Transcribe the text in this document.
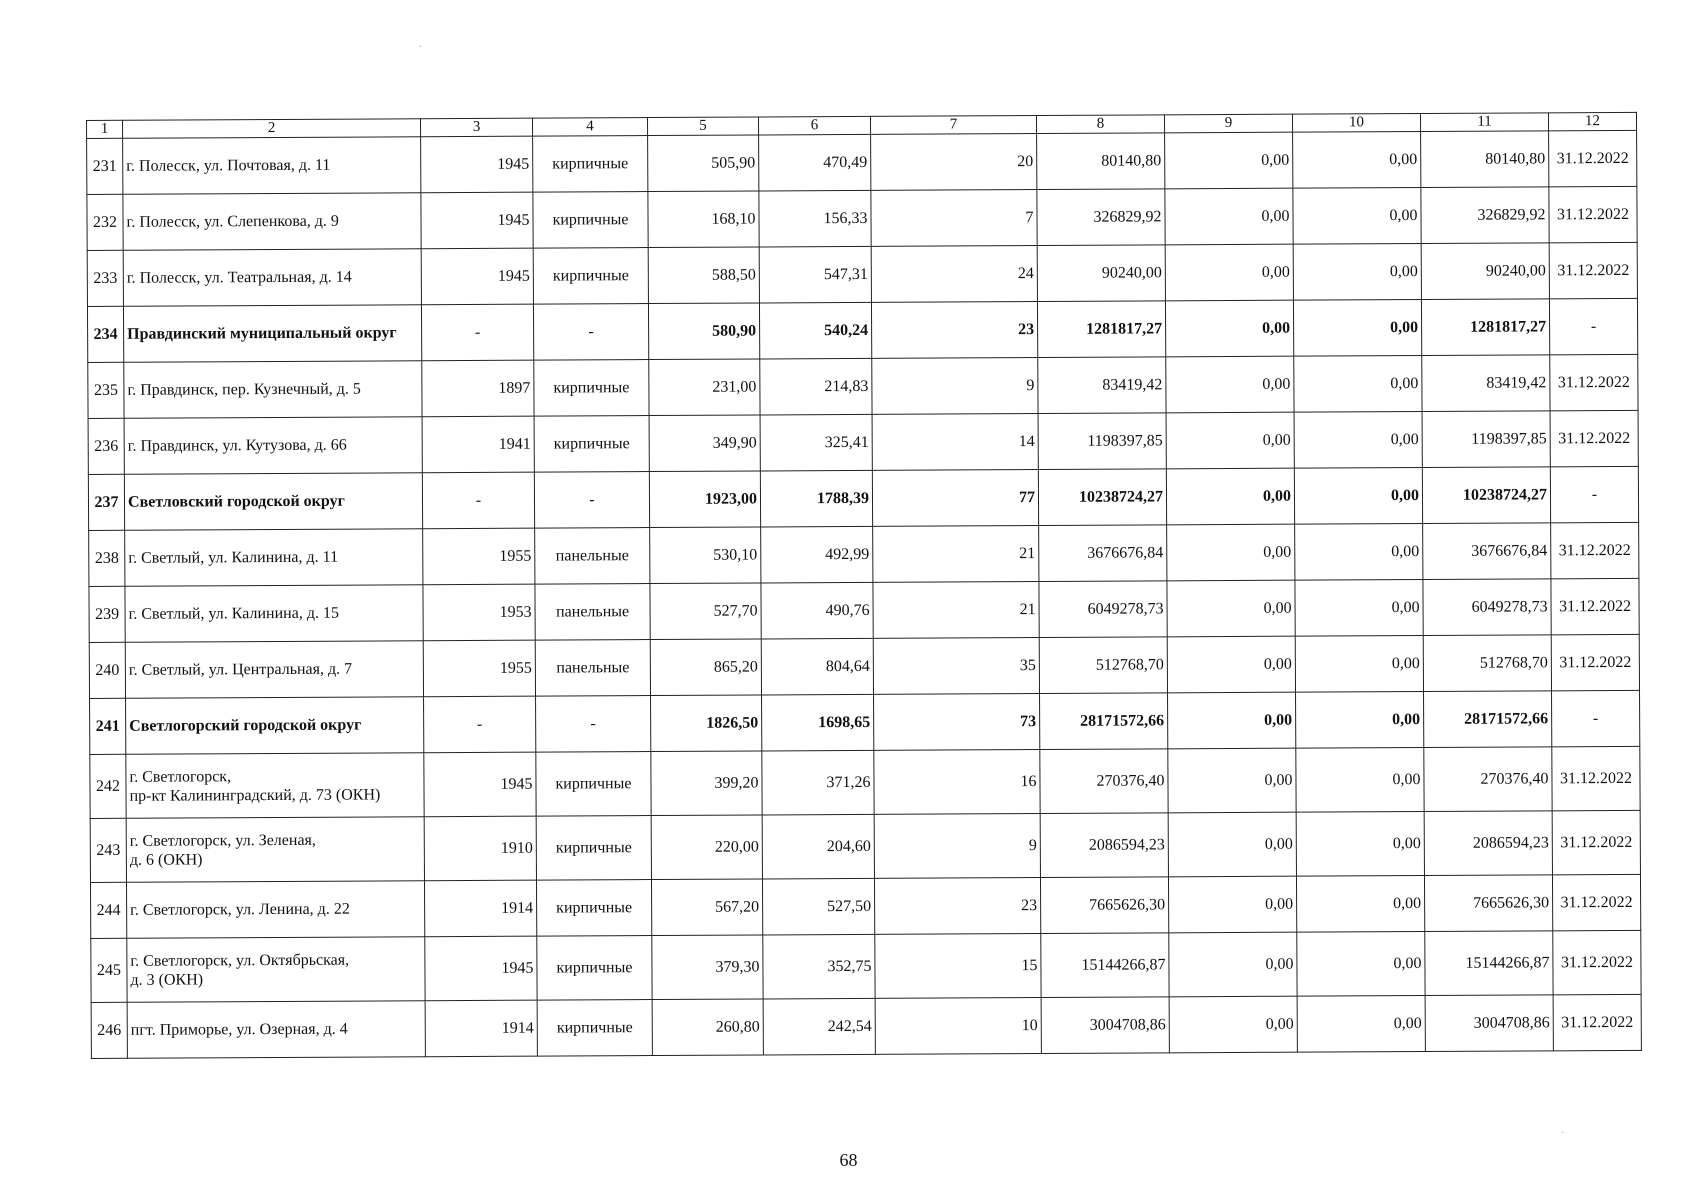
1	2	3	4	5	6	7	8	9	10	11	12
231	г. Полесск, ул. Почтовая, д. 11	1945	кирпичные	505,90	470,49	20	80140,80	0,00	0,00	80140,80	31.12.2022
232	г. Полесск, ул. Слепенкова, д. 9	1945	кирпичные	168,10	156,33	7	326829,92	0,00	0,00	326829,92	31.12.2022
233	г. Полесск, ул. Театральная, д. 14	1945	кирпичные	588,50	547,31	24	90240,00	0,00	0,00	90240,00	31.12.2022
234	Правдинский муниципальный округ	-	-	580,90	540,24	23	1281817,27	0,00	0,00	1281817,27	-
235	г. Правдинск, пер. Кузнечный, д. 5	1897	кирпичные	231,00	214,83	9	83419,42	0,00	0,00	83419,42	31.12.2022
236	г. Правдинск, ул. Кутузова, д. 66	1941	кирпичные	349,90	325,41	14	1198397,85	0,00	0,00	1198397,85	31.12.2022
237	Светловский городской округ	-	-	1923,00	1788,39	77	10238724,27	0,00	0,00	10238724,27	-
238	г. Светлый, ул. Калинина, д. 11	1955	панельные	530,10	492,99	21	3676676,84	0,00	0,00	3676676,84	31.12.2022
239	г. Светлый, ул. Калинина, д. 15	1953	панельные	527,70	490,76	21	6049278,73	0,00	0,00	6049278,73	31.12.2022
240	г. Светлый, ул. Центральная, д. 7	1955	панельные	865,20	804,64	35	512768,70	0,00	0,00	512768,70	31.12.2022
241	Светлогорский городской округ	-	-	1826,50	1698,65	73	28171572,66	0,00	0,00	28171572,66	-
242	г. Светлогорск,
пр-кт Калининградский, д. 73 (ОКН)	1945	кирпичные	399,20	371,26	16	270376,40	0,00	0,00	270376,40	31.12.2022
243	г. Светлогорск, ул. Зеленая,
д. 6 (ОКН)	1910	кирпичные	220,00	204,60	9	2086594,23	0,00	0,00	2086594,23	31.12.2022
244	г. Светлогорск, ул. Ленина, д. 22	1914	кирпичные	567,20	527,50	23	7665626,30	0,00	0,00	7665626,30	31.12.2022
245	г. Светлогорск, ул. Октябрьская,
д. 3 (ОКН)	1945	кирпичные	379,30	352,75	15	15144266,87	0,00	0,00	15144266,87	31.12.2022
246	пгт. Приморье, ул. Озерная, д. 4	1914	кирпичные	260,80	242,54	10	3004708,86	0,00	0,00	3004708,86	31.12.2022
68
·
·
